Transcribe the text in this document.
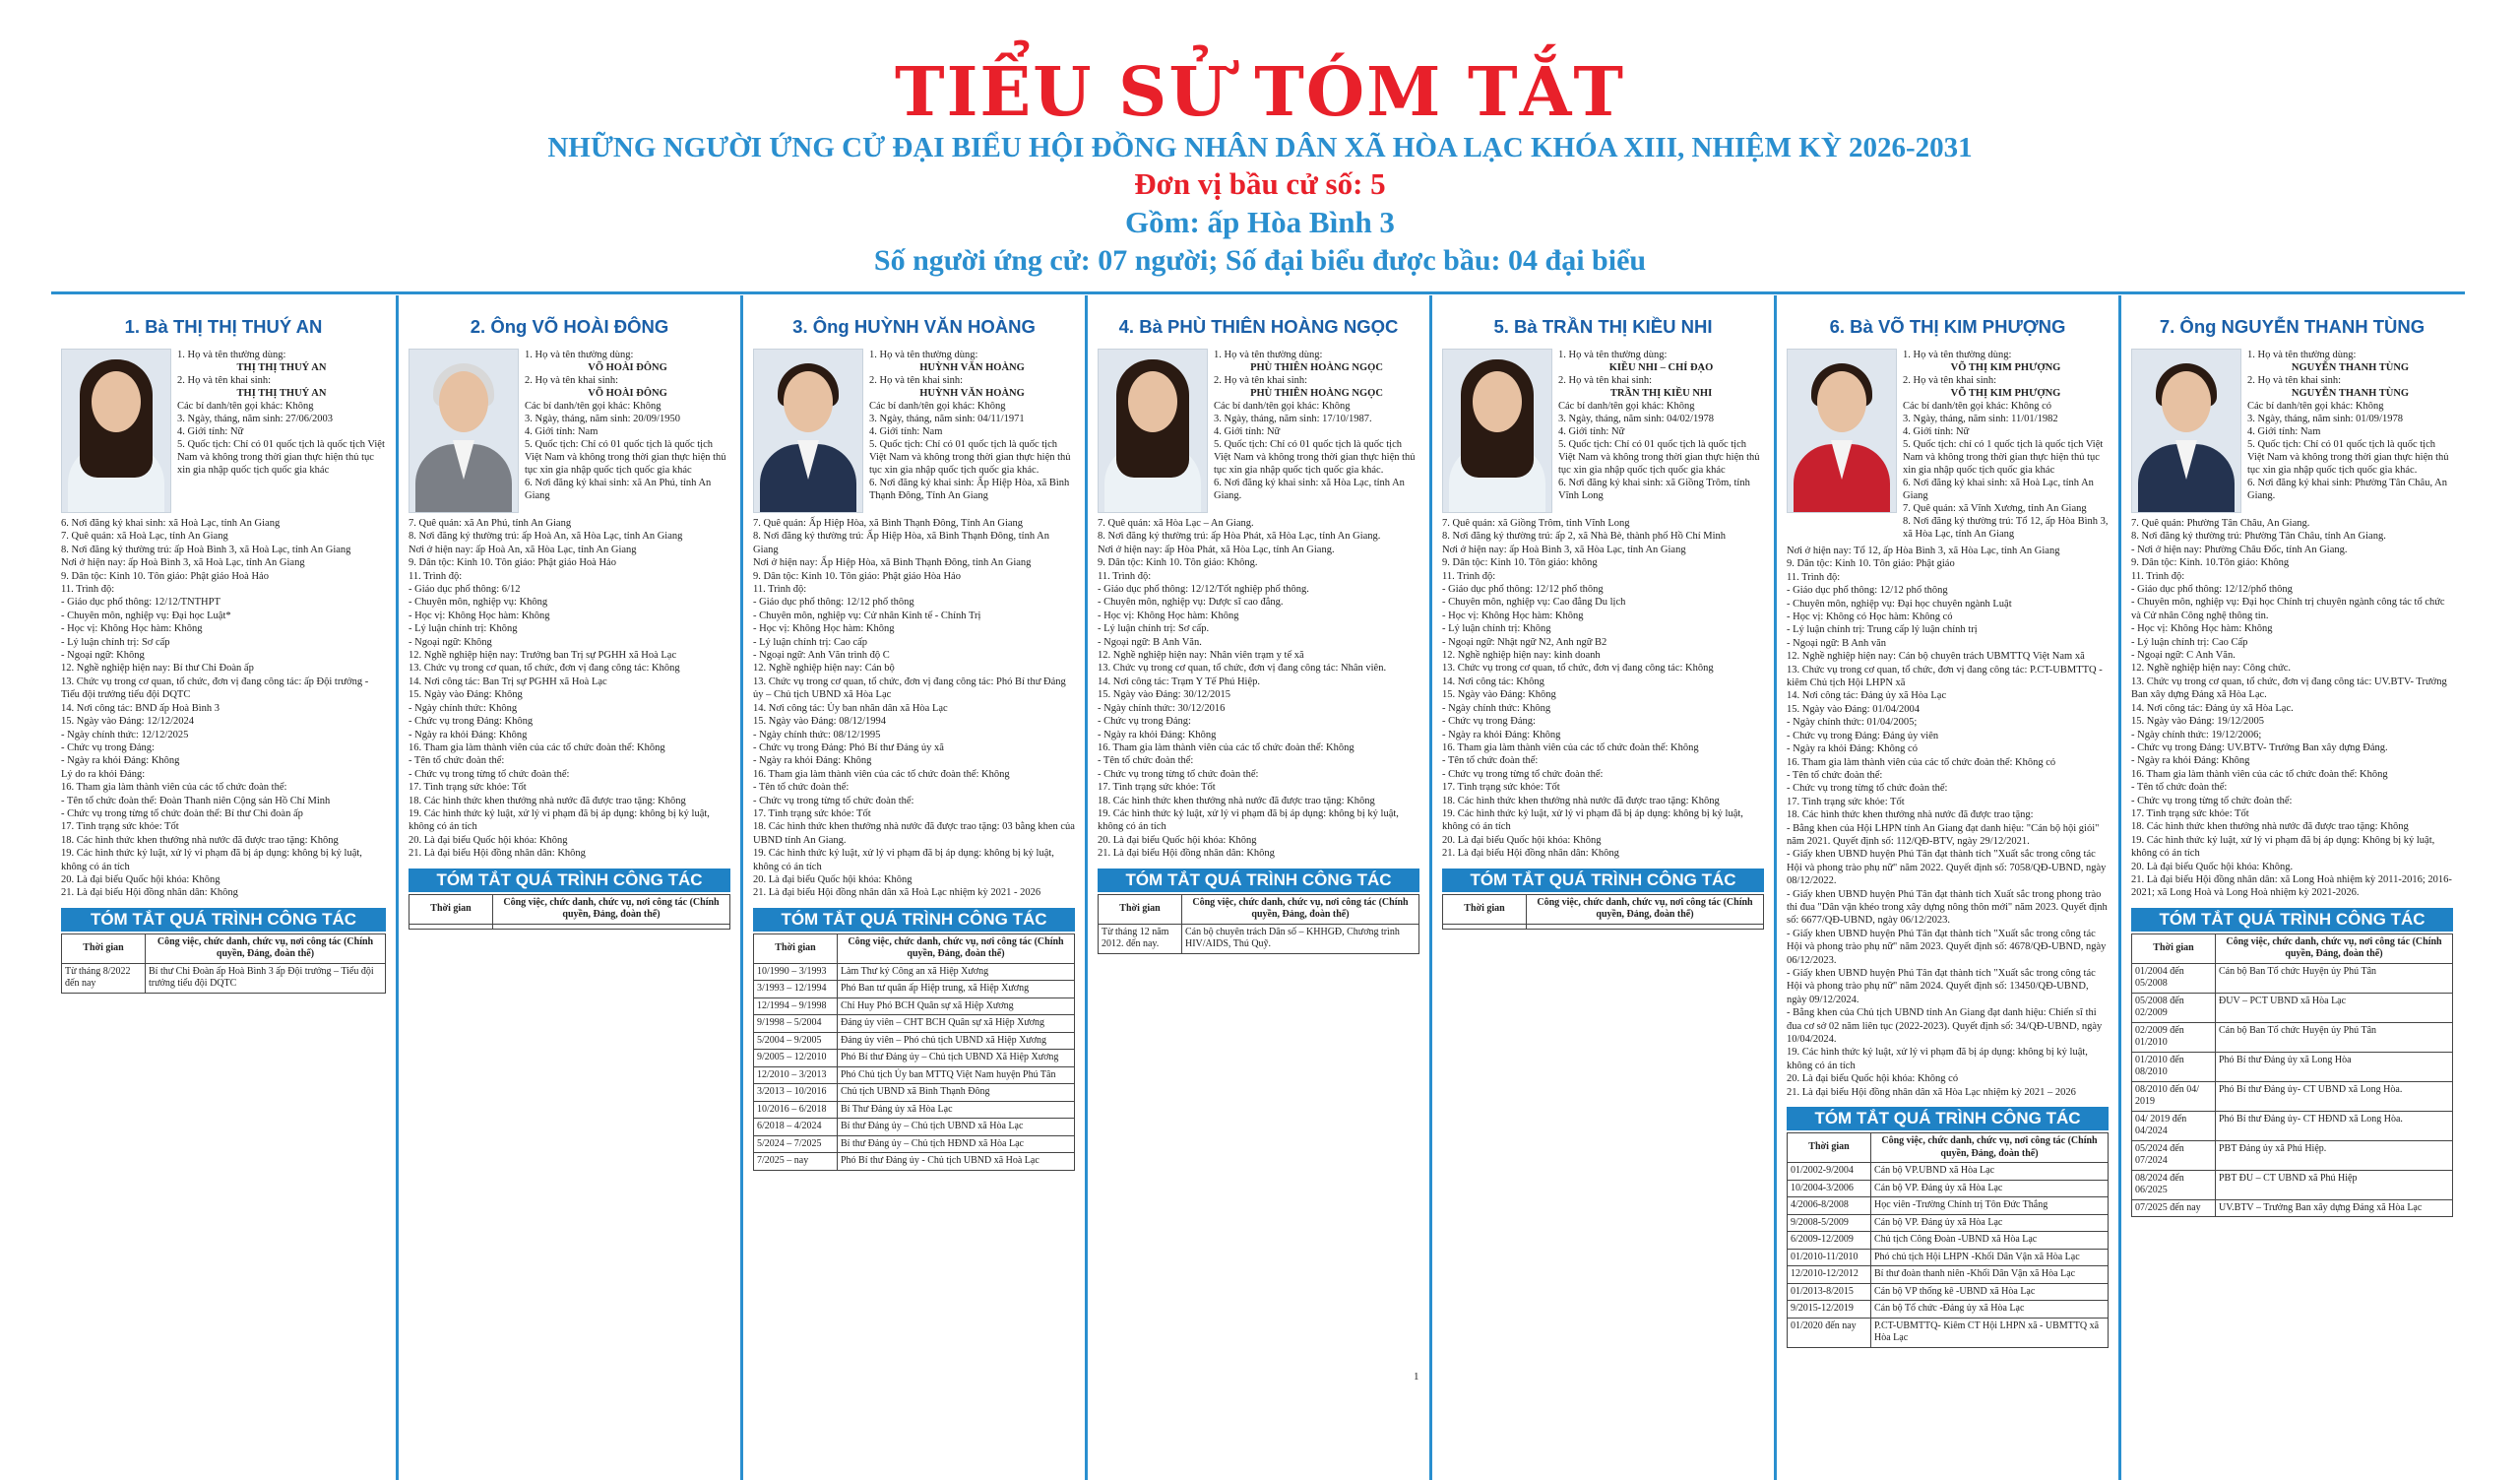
TIỂU SỬ TÓM TẮT
NHỮNG NGƯỜI ỨNG CỬ ĐẠI BIỂU HỘI ĐỒNG NHÂN DÂN XÃ HÒA LẠC KHÓA XIII, NHIỆM KỲ 2026-2031
Đơn vị bầu cử số: 5
Gồm: ấp Hòa Bình 3
Số người ứng cử: 07 người; Số đại biểu được bầu: 04 đại biểu
1. Bà THỊ THỊ THUÝ AN
1. Họ và tên thường dùng:
THỊ THỊ THUÝ AN
2. Họ và tên khai sinh:
THỊ THỊ THUÝ AN
Các bí danh/tên gọi khác: Không
3. Ngày, tháng, năm sinh: 27/06/2003
4. Giới tính: Nữ
5. Quốc tịch: Chỉ có 01 quốc tịch là quốc tịch Việt Nam và không trong thời gian thực hiện thủ tục xin gia nhập quốc tịch quốc gia khác
6. Nơi đăng ký khai sinh: xã Hoà Lạc, tỉnh An Giang
7. Quê quán: xã Hoà Lạc, tỉnh An Giang
8. Nơi đăng ký thường trú: ấp Hoà Bình 3, xã Hoà Lạc, tỉnh An Giang
Nơi ở hiện nay: ấp Hoà Bình 3, xã Hoà Lạc, tỉnh An Giang
9. Dân tộc: Kinh 10. Tôn giáo: Phật giáo Hoà Hảo
11. Trình độ:
- Giáo dục phổ thông: 12/12/TNTHPT
- Chuyên môn, nghiệp vụ: Đại học Luật*
- Học vị: Không Học hàm: Không
- Lý luận chính trị: Sơ cấp
- Ngoại ngữ: Không
12. Nghề nghiệp hiện nay: Bí thư Chi Đoàn ấp
13. Chức vụ trong cơ quan, tổ chức, đơn vị đang công tác: ấp Đội trưởng - Tiểu đội trưởng tiểu đội DQTC
14. Nơi công tác: BND ấp Hoà Bình 3
15. Ngày vào Đảng: 12/12/2024
- Ngày chính thức: 12/12/2025
- Chức vụ trong Đảng:
- Ngày ra khỏi Đảng: Không
Lý do ra khỏi Đảng:
16. Tham gia làm thành viên của các tổ chức đoàn thể:
- Tên tổ chức đoàn thể: Đoàn Thanh niên Cộng sản Hồ Chí Minh
- Chức vụ trong từng tổ chức đoàn thể: Bí thư Chi đoàn ấp
17. Tình trạng sức khỏe: Tốt
18. Các hình thức khen thưởng nhà nước đã được trao tặng: Không
19. Các hình thức kỷ luật, xử lý vi phạm đã bị áp dụng: không bị kỷ luật, không có án tích
20. Là đại biểu Quốc hội khóa: Không
21. Là đại biểu Hội đồng nhân dân: Không
TÓM TẮT QUÁ TRÌNH CÔNG TÁC
Thời gian	Công việc, chức danh, chức vụ, nơi công tác (Chính quyền, Đảng, đoàn thể)
Từ tháng 8/2022 đến nay	Bí thư Chi Đoàn ấp Hoà Bình 3 ấp Đội trưởng – Tiểu đội trưởng tiểu đội DQTC
2. Ông VÕ HOÀI ĐÔNG
1. Họ và tên thường dùng:
VÕ HOÀI ĐÔNG
2. Họ và tên khai sinh:
VÕ HOÀI ĐÔNG
Các bí danh/tên gọi khác: Không
3. Ngày, tháng, năm sinh: 20/09/1950
4. Giới tính: Nam
5. Quốc tịch: Chỉ có 01 quốc tịch là quốc tịch Việt Nam và không trong thời gian thực hiện thủ tục xin gia nhập quốc tịch quốc gia khác
6. Nơi đăng ký khai sinh: xã An Phú, tỉnh An Giang
7. Quê quán: xã An Phú, tỉnh An Giang
8. Nơi đăng ký thường trú: ấp Hoà An, xã Hòa Lạc, tỉnh An Giang
Nơi ở hiện nay: ấp Hoà An, xã Hòa Lạc, tỉnh An Giang
9. Dân tộc: Kinh 10. Tôn giáo: Phật giáo Hoà Hảo
11. Trình độ:
- Giáo dục phổ thông: 6/12
- Chuyên môn, nghiệp vụ: Không
- Học vị: Không Học hàm: Không
- Lý luận chính trị: Không
- Ngoại ngữ: Không
12. Nghề nghiệp hiện nay: Trưởng ban Trị sự PGHH xã Hoà Lạc
13. Chức vụ trong cơ quan, tổ chức, đơn vị đang công tác: Không
14. Nơi công tác: Ban Trị sự PGHH xã Hoà Lạc
15. Ngày vào Đảng: Không
- Ngày chính thức: Không
- Chức vụ trong Đảng: Không
- Ngày ra khỏi Đảng: Không
16. Tham gia làm thành viên của các tổ chức đoàn thể: Không
- Tên tổ chức đoàn thể:
- Chức vụ trong từng tổ chức đoàn thể:
17. Tình trạng sức khỏe: Tốt
18. Các hình thức khen thưởng nhà nước đã được trao tặng: Không
19. Các hình thức kỷ luật, xử lý vi phạm đã bị áp dụng: không bị kỷ luật, không có án tích
20. Là đại biểu Quốc hội khóa: Không
21. Là đại biểu Hội đồng nhân dân: Không
TÓM TẮT QUÁ TRÌNH CÔNG TÁC
Thời gian	Công việc, chức danh, chức vụ, nơi công tác (Chính quyền, Đảng, đoàn thể)

3. Ông HUỲNH VĂN HOÀNG
1. Họ và tên thường dùng:
HUỲNH VĂN HOÀNG
2. Họ và tên khai sinh:
HUỲNH VĂN HOÀNG
Các bí danh/tên gọi khác: Không
3. Ngày, tháng, năm sinh: 04/11/1971
4. Giới tính: Nam
5. Quốc tịch: Chỉ có 01 quốc tịch là quốc tịch Việt Nam và không trong thời gian thực hiện thủ tục xin gia nhập quốc tịch quốc gia khác.
6. Nơi đăng ký khai sinh: Ấp Hiệp Hòa, xã Bình Thạnh Đông, Tỉnh An Giang
7. Quê quán: Ấp Hiệp Hòa, xã Bình Thạnh Đông, Tỉnh An Giang
8. Nơi đăng ký thường trú: Ấp Hiệp Hòa, xã Bình Thạnh Đông, tỉnh An Giang
Nơi ở hiện nay: Ấp Hiệp Hòa, xã Bình Thạnh Đông, tỉnh An Giang
9. Dân tộc: Kinh 10. Tôn giáo: Phật giáo Hòa Hảo
11. Trình độ:
- Giáo dục phổ thông: 12/12 phổ thông
- Chuyên môn, nghiệp vụ: Cử nhân Kinh tế - Chính Trị
- Học vị: Không Học hàm: Không
- Lý luận chính trị: Cao cấp
- Ngoại ngữ: Anh Văn trình độ C
12. Nghề nghiệp hiện nay: Cán bộ
13. Chức vụ trong cơ quan, tổ chức, đơn vị đang công tác: Phó Bí thư Đảng ủy – Chủ tịch UBND xã Hòa Lạc
14. Nơi công tác: Ủy ban nhân dân xã Hòa Lạc
15. Ngày vào Đảng: 08/12/1994
- Ngày chính thức: 08/12/1995
- Chức vụ trong Đảng: Phó Bí thư Đảng ủy xã
- Ngày ra khỏi Đảng: Không
16. Tham gia làm thành viên của các tổ chức đoàn thể: Không
- Tên tổ chức đoàn thể:
- Chức vụ trong từng tổ chức đoàn thể:
17. Tình trạng sức khỏe: Tốt
18. Các hình thức khen thưởng nhà nước đã được trao tặng: 03 bằng khen của UBND tỉnh An Giang.
19. Các hình thức kỷ luật, xử lý vi phạm đã bị áp dụng: không bị kỷ luật, không có án tích
20. Là đại biểu Quốc hội khóa: Không
21. Là đại biểu Hội đồng nhân dân xã Hoà Lạc nhiệm kỳ 2021 - 2026
TÓM TẮT QUÁ TRÌNH CÔNG TÁC
Thời gian	Công việc, chức danh, chức vụ, nơi công tác (Chính quyền, Đảng, đoàn thể)
10/1990 – 3/1993	Làm Thư ký Công an xã Hiệp Xương
3/1993 – 12/1994	Phó Ban tư quân ấp Hiệp trung, xã Hiệp Xương
12/1994 – 9/1998	Chỉ Huy Phó BCH Quân sự xã Hiệp Xương
9/1998 – 5/2004	Đảng ủy viên – CHT BCH Quân sự xã Hiệp Xương
5/2004 – 9/2005	Đảng ủy viên – Phó chủ tịch UBND xã Hiệp Xương
9/2005 – 12/2010	Phó Bí thư Đảng ủy – Chủ tịch UBND Xã Hiệp Xương
12/2010 – 3/2013	Phó Chủ tịch Ủy ban MTTQ Việt Nam huyện Phú Tân
3/2013 – 10/2016	Chủ tịch UBND xã Bình Thạnh Đông
10/2016 – 6/2018	Bí Thư Đảng ủy xã Hòa Lạc
6/2018 – 4/2024	Bí thư Đảng ủy – Chủ tịch UBND xã Hòa Lạc
5/2024 – 7/2025	Bí thư Đảng ủy – Chủ tịch HĐND xã Hòa Lạc
7/2025 – nay	Phó Bí thư Đảng ủy - Chủ tịch UBND xã Hoà Lạc
4. Bà PHÙ THIÊN HOÀNG NGỌC
1. Họ và tên thường dùng:
PHÙ THIÊN HOÀNG NGỌC
2. Họ và tên khai sinh:
PHÙ THIÊN HOÀNG NGỌC
Các bí danh/tên gọi khác: Không
3. Ngày, tháng, năm sinh: 17/10/1987.
4. Giới tính: Nữ
5. Quốc tịch: Chỉ có 01 quốc tịch là quốc tịch Việt Nam và không trong thời gian thực hiện thủ tục xin gia nhập quốc tịch quốc gia khác.
6. Nơi đăng ký khai sinh: xã Hòa Lạc, tỉnh An Giang.
7. Quê quán: xã Hòa Lạc – An Giang.
8. Nơi đăng ký thường trú: ấp Hòa Phát, xã Hòa Lạc, tỉnh An Giang.
Nơi ở hiện nay: ấp Hòa Phát, xã Hòa Lạc, tỉnh An Giang.
9. Dân tộc: Kinh 10. Tôn giáo: Không.
11. Trình độ:
- Giáo dục phổ thông: 12/12/Tốt nghiệp phổ thông.
- Chuyên môn, nghiệp vụ: Dược sĩ cao đẳng.
- Học vị: Không Học hàm: Không
- Lý luận chính trị: Sơ cấp.
- Ngoại ngữ: B Anh Văn.
12. Nghề nghiệp hiện nay: Nhân viên trạm y tế xã
13. Chức vụ trong cơ quan, tổ chức, đơn vị đang công tác: Nhân viên.
14. Nơi công tác: Trạm Y Tế Phú Hiệp.
15. Ngày vào Đảng: 30/12/2015
- Ngày chính thức: 30/12/2016
- Chức vụ trong Đảng:
- Ngày ra khỏi Đảng: Không
16. Tham gia làm thành viên của các tổ chức đoàn thể: Không
- Tên tổ chức đoàn thể:
- Chức vụ trong từng tổ chức đoàn thể:
17. Tình trạng sức khỏe: Tốt
18. Các hình thức khen thưởng nhà nước đã được trao tặng: Không
19. Các hình thức kỷ luật, xử lý vi phạm đã bị áp dụng: không bị kỷ luật, không có án tích
20. Là đại biểu Quốc hội khóa: Không
21. Là đại biểu Hội đồng nhân dân: Không
TÓM TẮT QUÁ TRÌNH CÔNG TÁC
Thời gian	Công việc, chức danh, chức vụ, nơi công tác (Chính quyền, Đảng, đoàn thể)
Từ tháng 12 năm 2012. đến nay.	Cán bộ chuyên trách Dân số – KHHGĐ, Chương trình HIV/AIDS, Thú Quỹ.
5. Bà TRẦN THỊ KIỀU NHI
1. Họ và tên thường dùng:
KIỀU NHI – CHÍ ĐẠO
2. Họ và tên khai sinh:
TRẦN THỊ KIỀU NHI
Các bí danh/tên gọi khác: Không
3. Ngày, tháng, năm sinh: 04/02/1978
4. Giới tính: Nữ
5. Quốc tịch: Chỉ có 01 quốc tịch là quốc tịch Việt Nam và không trong thời gian thực hiện thủ tục xin gia nhập quốc tịch quốc gia khác
6. Nơi đăng ký khai sinh: xã Giồng Trôm, tỉnh Vĩnh Long
7. Quê quán: xã Giồng Trôm, tỉnh Vĩnh Long
8. Nơi đăng ký thường trú: ấp 2, xã Nhà Bè, thành phố Hồ Chí Minh
Nơi ở hiện nay: ấp Hoà Bình 3, xã Hòa Lạc, tỉnh An Giang
9. Dân tộc: Kinh 10. Tôn giáo: không
11. Trình độ:
- Giáo dục phổ thông: 12/12 phổ thông
- Chuyên môn, nghiệp vụ: Cao đẳng Du lịch
- Học vị: Không Học hàm: Không
- Lý luận chính trị: Không
- Ngoại ngữ: Nhật ngữ N2, Anh ngữ B2
12. Nghề nghiệp hiện nay: kinh doanh
13. Chức vụ trong cơ quan, tổ chức, đơn vị đang công tác: Không
14. Nơi công tác: Không
15. Ngày vào Đảng: Không
- Ngày chính thức: Không
- Chức vụ trong Đảng:
- Ngày ra khỏi Đảng: Không
16. Tham gia làm thành viên của các tổ chức đoàn thể: Không
- Tên tổ chức đoàn thể:
- Chức vụ trong từng tổ chức đoàn thể:
17. Tình trạng sức khỏe: Tốt
18. Các hình thức khen thưởng nhà nước đã được trao tặng: Không
19. Các hình thức kỷ luật, xử lý vi phạm đã bị áp dụng: không bị kỷ luật, không có án tích
20. Là đại biểu Quốc hội khóa: Không
21. Là đại biểu Hội đồng nhân dân: Không
TÓM TẮT QUÁ TRÌNH CÔNG TÁC
Thời gian	Công việc, chức danh, chức vụ, nơi công tác (Chính quyền, Đảng, đoàn thể)

6. Bà VÕ THỊ KIM PHƯỢNG
1. Họ và tên thường dùng:
VÕ THỊ KIM PHƯỢNG
2. Họ và tên khai sinh:
VÕ THỊ KIM PHƯỢNG
Các bí danh/tên gọi khác: Không có
3. Ngày, tháng, năm sinh: 11/01/1982
4. Giới tính: Nữ
5. Quốc tịch: chỉ có 1 quốc tịch là quốc tịch Việt Nam và không trong thời gian thực hiện thủ tục xin gia nhập quốc tịch quốc gia khác
6. Nơi đăng ký khai sinh: xã Hoà Lạc, tỉnh An Giang
7. Quê quán: xã Vĩnh Xương, tỉnh An Giang
8. Nơi đăng ký thường trú: Tổ 12, ấp Hòa Bình 3, xã Hòa Lạc, tỉnh An Giang
Nơi ở hiện nay: Tổ 12, ấp Hòa Bình 3, xã Hòa Lạc, tỉnh An Giang
9. Dân tộc: Kinh 10. Tôn giáo: Phật giáo
11. Trình độ:
- Giáo dục phổ thông: 12/12 phổ thông
- Chuyên môn, nghiệp vụ: Đại học chuyên ngành Luật
- Học vị: Không có Học hàm: Không có
- Lý luận chính trị: Trung cấp lý luận chính trị
- Ngoại ngữ: B Anh văn
12. Nghề nghiệp hiện nay: Cán bộ chuyên trách UBMTTQ Việt Nam xã
13. Chức vụ trong cơ quan, tổ chức, đơn vị đang công tác: P.CT-UBMTTQ - kiêm Chủ tịch Hội LHPN xã
14. Nơi công tác: Đảng ủy xã Hòa Lạc
15. Ngày vào Đảng: 01/04/2004
- Ngày chính thức: 01/04/2005;
- Chức vụ trong Đảng: Đảng ủy viên
- Ngày ra khỏi Đảng: Không có
16. Tham gia làm thành viên của các tổ chức đoàn thể: Không có
- Tên tổ chức đoàn thể:
- Chức vụ trong từng tổ chức đoàn thể:
17. Tình trạng sức khỏe: Tốt
18. Các hình thức khen thưởng nhà nước đã được trao tặng:
- Bằng khen của Hội LHPN tỉnh An Giang đạt danh hiệu: "Cán bộ hội giỏi" năm 2021. Quyết định số: 112/QĐ-BTV, ngày 29/12/2021.
- Giấy khen UBND huyện Phú Tân đạt thành tích "Xuất sắc trong công tác Hội và phong trào phụ nữ" năm 2022. Quyết định số: 7058/QĐ-UBND, ngày 08/12/2022.
- Giấy khen UBND huyện Phú Tân đạt thành tích Xuất sắc trong phong trào thi đua "Dân vận khéo trong xây dựng nông thôn mới" năm 2023. Quyết định số: 6677/QĐ-UBND, ngày 06/12/2023.
- Giấy khen UBND huyện Phú Tân đạt thành tích "Xuất sắc trong công tác Hội và phong trào phụ nữ" năm 2023. Quyết định số: 4678/QĐ-UBND, ngày 06/12/2023.
- Giấy khen UBND huyện Phú Tân đạt thành tích "Xuất sắc trong công tác Hội và phong trào phụ nữ" năm 2024. Quyết định số: 13450/QĐ-UBND, ngày 09/12/2024.
- Bằng khen của Chủ tịch UBND tỉnh An Giang đạt danh hiệu: Chiến sĩ thi đua cơ sở 02 năm liên tục (2022-2023). Quyết định số: 34/QĐ-UBND, ngày 10/04/2024.
19. Các hình thức kỷ luật, xử lý vi phạm đã bị áp dụng: không bị kỷ luật, không có án tích
20. Là đại biểu Quốc hội khóa: Không có
21. Là đại biểu Hội đồng nhân dân xã Hòa Lạc nhiệm kỳ 2021 – 2026
TÓM TẮT QUÁ TRÌNH CÔNG TÁC
Thời gian	Công việc, chức danh, chức vụ, nơi công tác (Chính quyền, Đảng, đoàn thể)
01/2002-9/2004	Cán bộ VP.UBND xã Hòa Lạc
10/2004-3/2006	Cán bộ VP. Đảng ủy xã Hòa Lạc
4/2006-8/2008	Học viên -Trường Chính trị Tôn Đức Thắng
9/2008-5/2009	Cán bộ VP. Đảng ủy xã Hòa Lạc
6/2009-12/2009	Chủ tịch Công Đoàn -UBND xã Hòa Lạc
01/2010-11/2010	Phó chủ tịch Hội LHPN -Khối Dân Vận xã Hòa Lạc
12/2010-12/2012	Bí thư đoàn thanh niên -Khối Dân Vận xã Hòa Lạc
01/2013-8/2015	Cán bộ VP thống kê -UBND xã Hòa Lạc
9/2015-12/2019	Cán bộ Tổ chức -Đảng ủy xã Hòa Lạc
01/2020 đến nay	P.CT-UBMTTQ- Kiêm CT Hội LHPN xã - UBMTTQ xã Hòa Lạc
7. Ông NGUYỄN THANH TÙNG
1. Họ và tên thường dùng:
NGUYỄN THANH TÙNG
2. Họ và tên khai sinh:
NGUYỄN THANH TÙNG
Các bí danh/tên gọi khác: Không
3. Ngày, tháng, năm sinh: 01/09/1978
4. Giới tính: Nam
5. Quốc tịch: Chỉ có 01 quốc tịch là quốc tịch Việt Nam và không trong thời gian thực hiện thủ tục xin gia nhập quốc tịch quốc gia khác.
6. Nơi đăng ký khai sinh: Phường Tân Châu, An Giang.
7. Quê quán: Phường Tân Châu, An Giang.
8. Nơi đăng ký thường trú: Phường Tân Châu, tỉnh An Giang.
- Nơi ở hiện nay: Phường Châu Đốc, tỉnh An Giang.
9. Dân tộc: Kinh. 10.Tôn giáo: Không
11. Trình độ:
- Giáo dục phổ thông: 12/12/phổ thông
- Chuyên môn, nghiệp vụ: Đại học Chính trị chuyên ngành công tác tổ chức và Cử nhân Công nghệ thông tin.
- Học vị: Không Học hàm: Không
- Lý luận chính trị: Cao Cấp
- Ngoại ngữ: C Anh Văn.
12. Nghề nghiệp hiện nay: Công chức.
13. Chức vụ trong cơ quan, tổ chức, đơn vị đang công tác: UV.BTV- Trưởng Ban xây dựng Đảng xã Hòa Lạc.
14. Nơi công tác: Đảng ủy xã Hòa Lạc.
15. Ngày vào Đảng: 19/12/2005
- Ngày chính thức: 19/12/2006;
- Chức vụ trong Đảng: UV.BTV- Trưởng Ban xây dựng Đảng.
- Ngày ra khỏi Đảng: Không
16. Tham gia làm thành viên của các tổ chức đoàn thể: Không
- Tên tổ chức đoàn thể:
- Chức vụ trong từng tổ chức đoàn thể:
17. Tình trạng sức khỏe: Tốt
18. Các hình thức khen thưởng nhà nước đã được trao tặng: Không
19. Các hình thức kỷ luật, xử lý vi phạm đã bị áp dụng: Không bị kỷ luật, không có án tích
20. Là đại biểu Quốc hội khóa: Không.
21. Là đại biểu Hội đồng nhân dân: xã Long Hoà nhiệm kỳ 2011-2016; 2016-2021; xã Long Hoà và Long Hoà nhiệm kỳ 2021-2026.
TÓM TẮT QUÁ TRÌNH CÔNG TÁC
Thời gian	Công việc, chức danh, chức vụ, nơi công tác (Chính quyền, Đảng, đoàn thể)
01/2004 đến 05/2008	Cán bộ Ban Tổ chức Huyện ủy Phú Tân
05/2008 đến 02/2009	ĐUV – PCT UBND xã Hòa Lạc
02/2009 đến 01/2010	Cán bộ Ban Tổ chức Huyện ủy Phú Tân
01/2010 đến 08/2010	Phó Bí thư Đảng ủy xã Long Hòa
08/2010 đến 04/ 2019	Phó Bí thư Đảng ủy- CT UBND xã Long Hòa.
04/ 2019 đến 04/2024	Phó Bí thư Đảng ủy- CT HĐND xã Long Hòa.
05/2024 đến 07/2024	PBT Đảng ủy xã Phú Hiệp.
08/2024 đến 06/2025	PBT ĐU – CT UBND xã Phú Hiệp
07/2025 đến nay	UV.BTV – Trưởng Ban xây dựng Đảng xã Hòa Lạc
1
